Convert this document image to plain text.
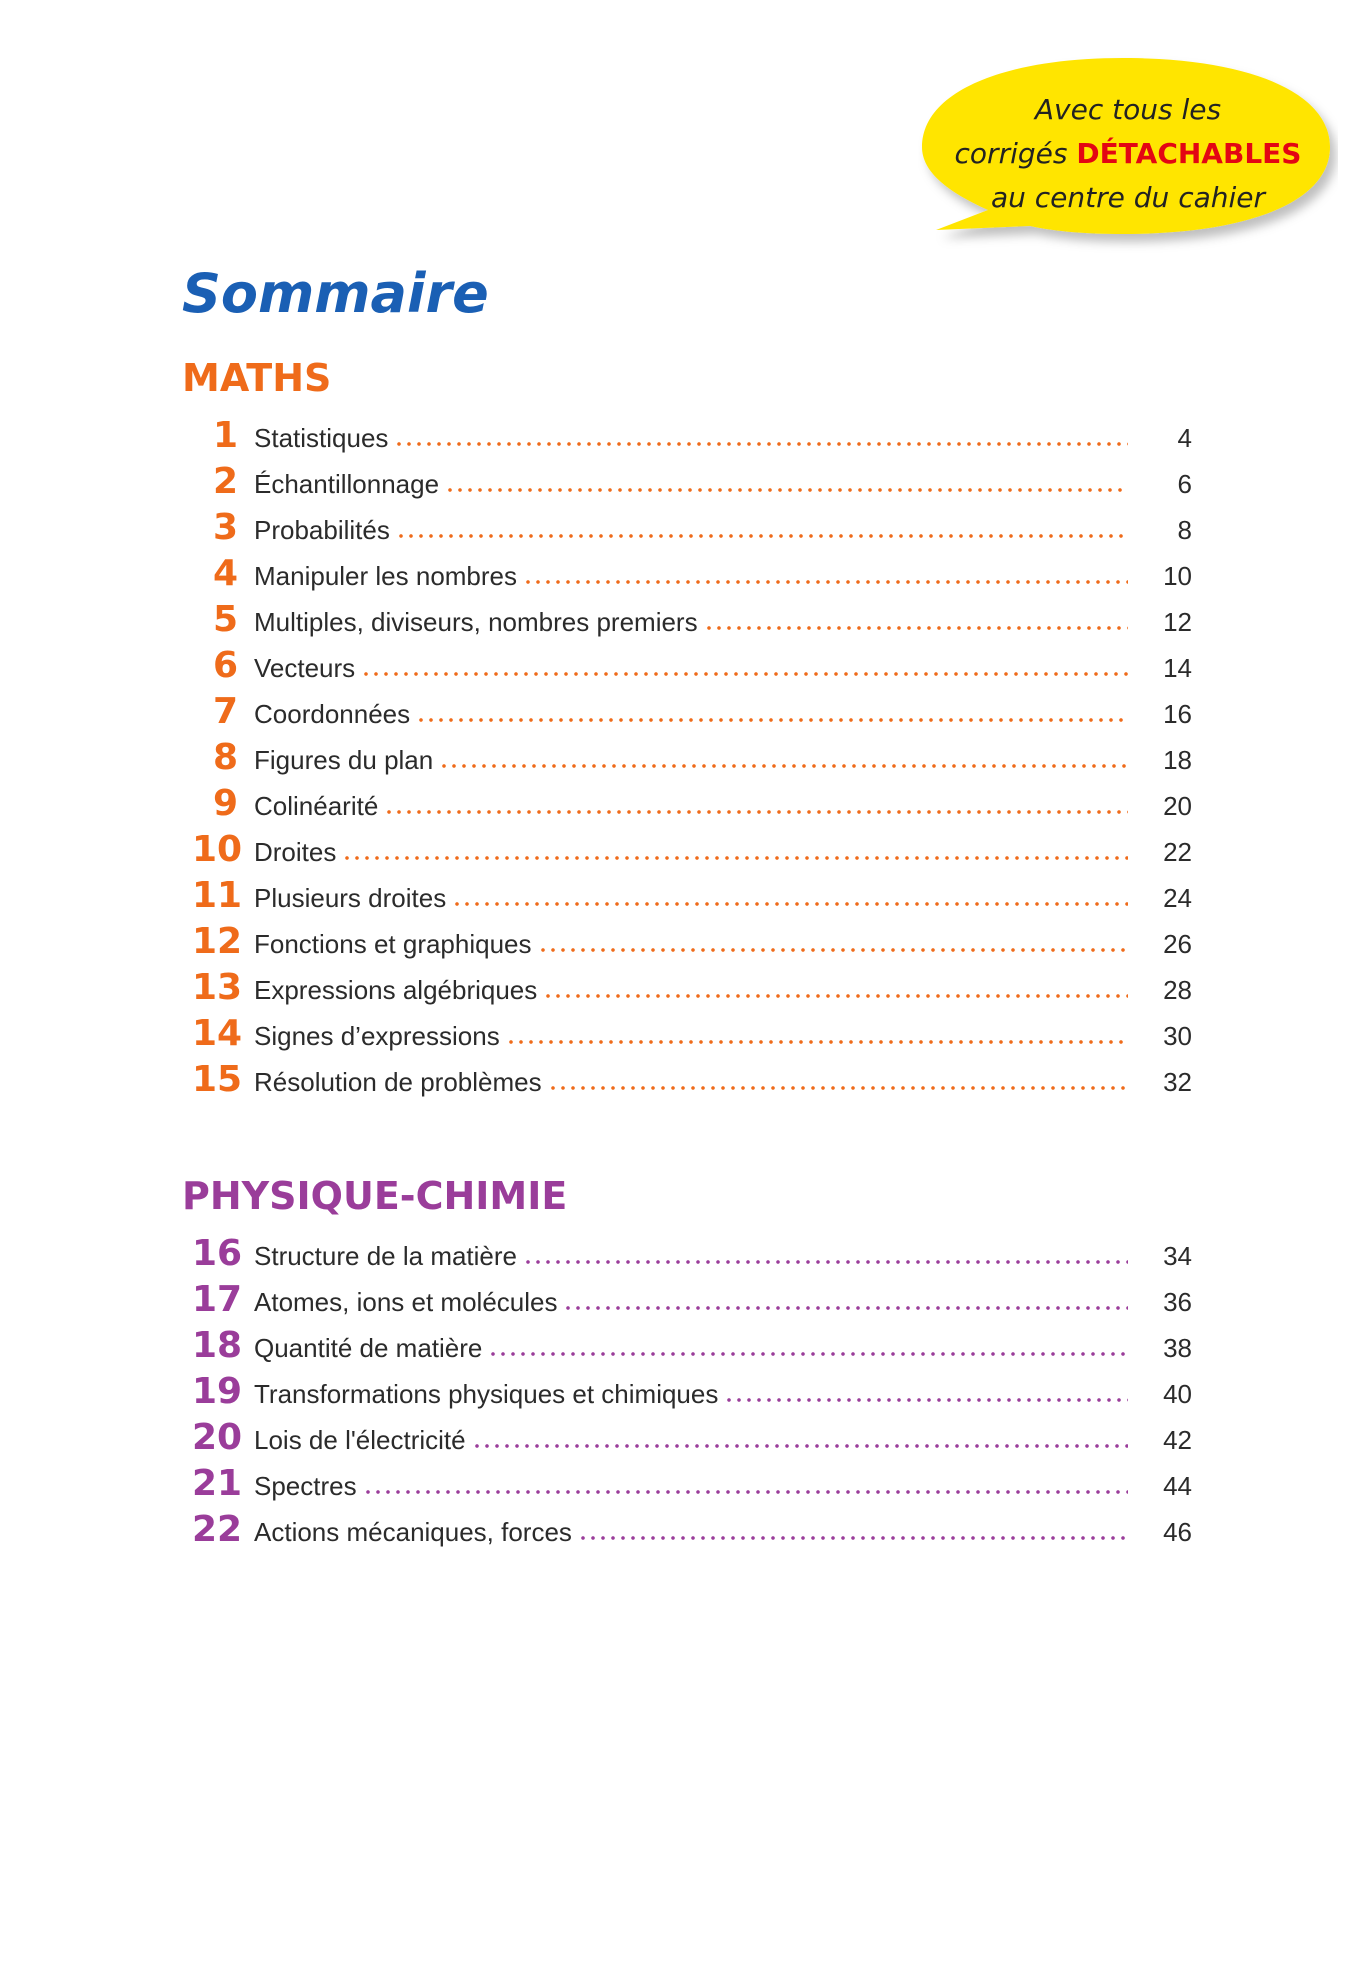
Avec tous les
corrigés DÉTACHABLES
au centre du cahier
Sommaire
MATHS
1 Statistiques	4
2 Échantillonnage	6
3 Probabilités	8
4 Manipuler les nombres	10
5 Multiples, diviseurs, nombres premiers	12
6 Vecteurs	14
7 Coordonnées	16
8 Figures du plan	18
9 Colinéarité	20
10 Droites	22
11 Plusieurs droites	24
12 Fonctions et graphiques	26
13 Expressions algébriques	28
14 Signes d’expressions	30
15 Résolution de problèmes	32
PHYSIQUE-CHIMIE
16 Structure de la matière	34
17 Atomes, ions et molécules	36
18 Quantité de matière	38
19 Transformations physiques et chimiques	40
20 Lois de l'électricité	42
21 Spectres	44
22 Actions mécaniques, forces	46
